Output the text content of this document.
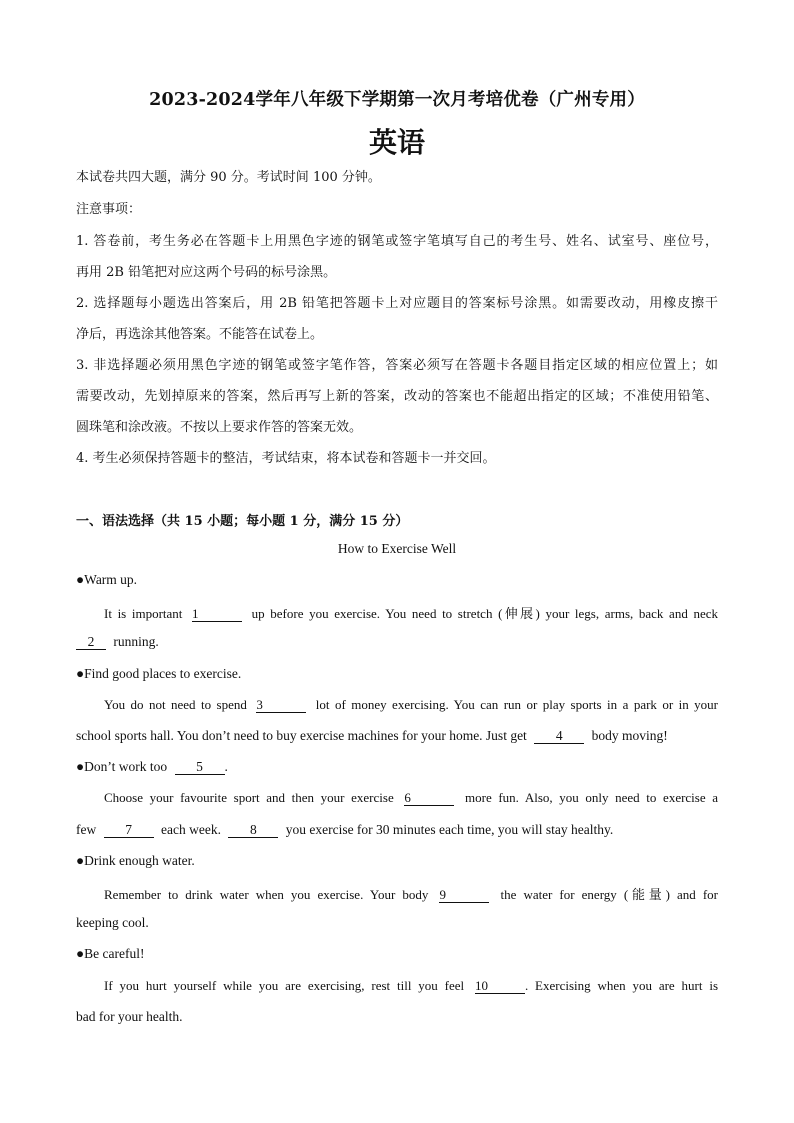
2023-2024学年八年级下学期第一次月考培优卷（广州专用）
英语
本试卷共四大题，满分 90 分。考试时间 100 分钟。
注意事项：
1. 答卷前，考生务必在答题卡上用黑色字迹的钢笔或签字笔填写自己的考生号、姓名、试室号、座位号，
再用 2B 铅笔把对应这两个号码的标号涂黑。
2. 选择题每小题选出答案后，用 2B 铅笔把答题卡上对应题目的答案标号涂黑。如需要改动，用橡皮擦干
净后，再选涂其他答案。不能答在试卷上。
3. 非选择题必须用黑色字迹的钢笔或签字笔作答，答案必须写在答题卡各题目指定区域的相应位置上；如
需要改动，先划掉原来的答案，然后再写上新的答案，改动的答案也不能超出指定的区域；不准使用铅笔、
圆珠笔和涂改液。不按以上要求作答的答案无效。
4. 考生必须保持答题卡的整洁，考试结束，将本试卷和答题卡一并交回。
一、语法选择（共 15 小题；每小题 1 分，满分 15 分）
How to Exercise Well
●Warm up.
It is important 1	up before you exercise. You need to stretch (伸展) your legs, arms, back and neck
2 running.
●Find good places to exercise.
You do not need to spend 3	lot of money exercising. You can run or play sports in a park or in your
school sports hall. You don’t need to buy exercise machines for your home. Just get 4 body moving!
●Don’t work too 5 .
Choose your favourite sport and then your exercise 6	more fun. Also, you only need to exercise a
few 7 each week. 8 you exercise for 30 minutes each time, you will stay healthy.
●Drink enough water.
Remember to drink water when you exercise. Your body 9	the water for energy (能量) and for
keeping cool.
●Be careful!
If you hurt yourself while you are exercising, rest till you feel 10	. Exercising when you are hurt is
bad for your health.
